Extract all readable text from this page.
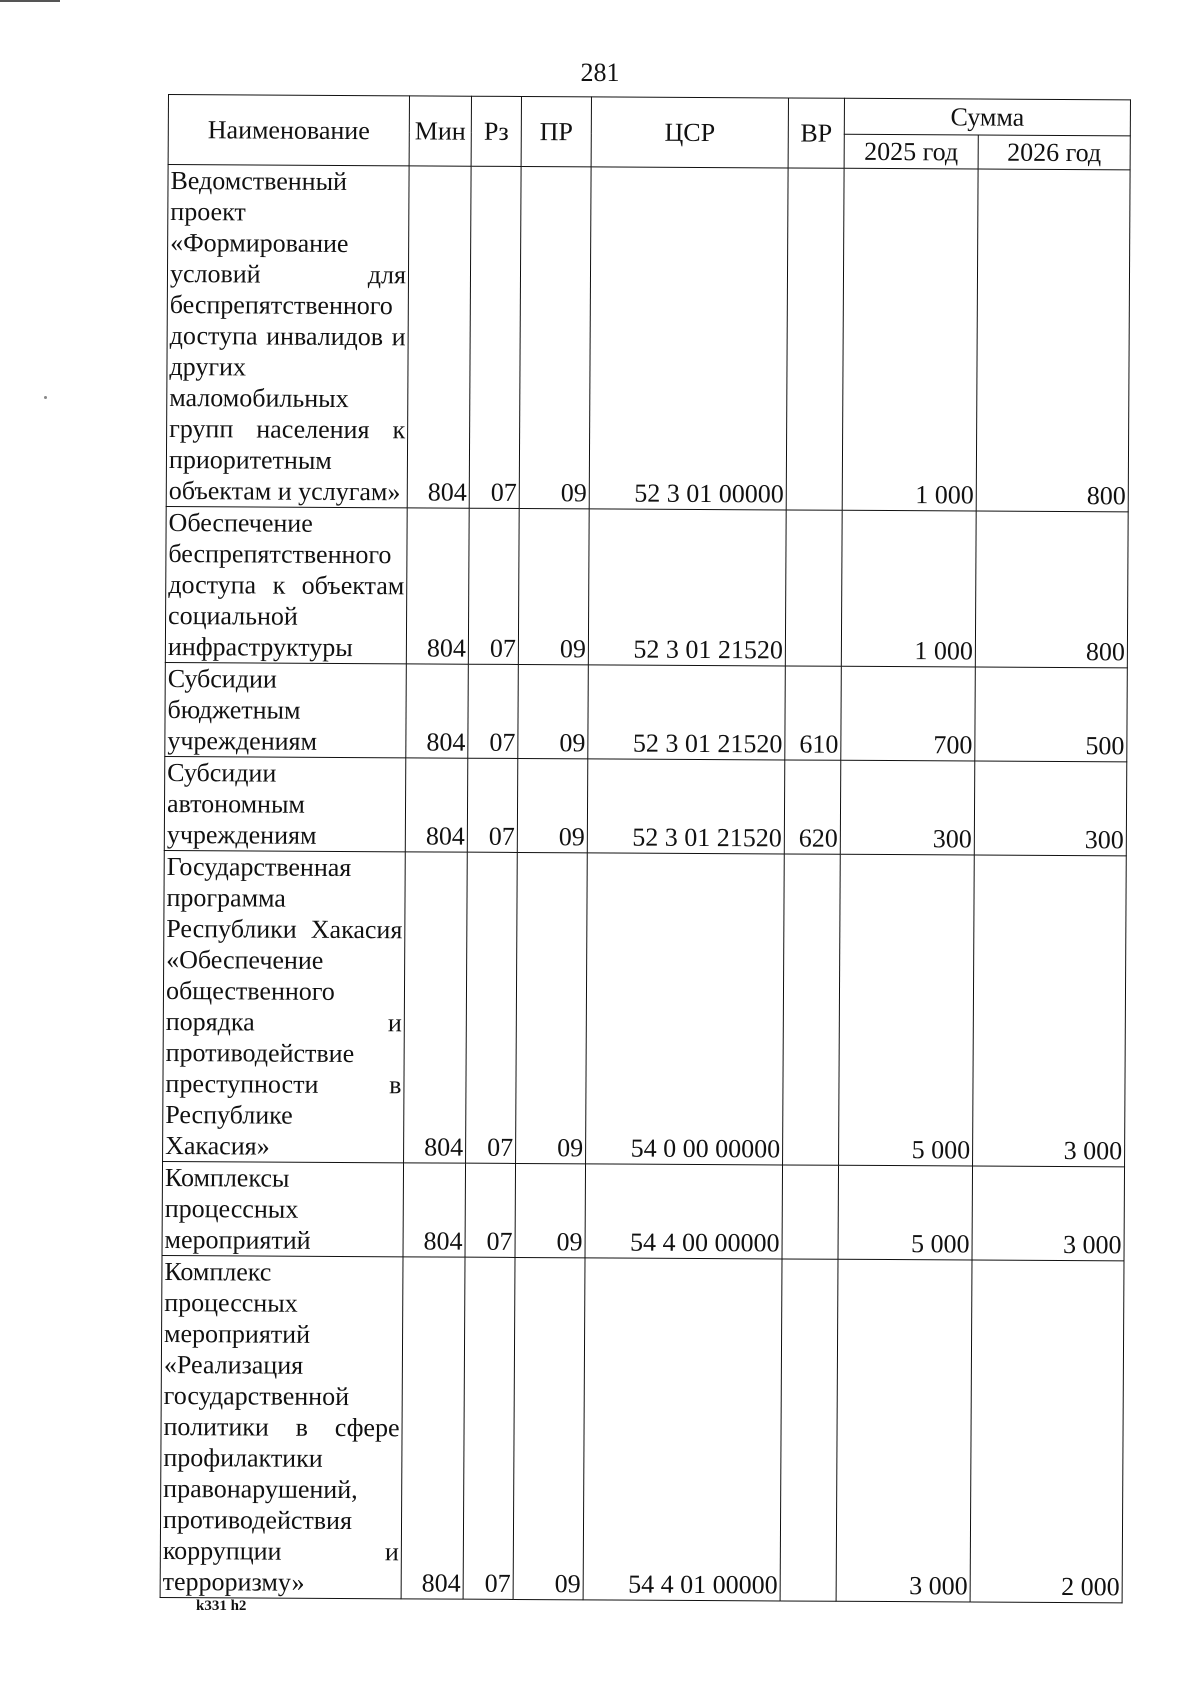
281
Наименование	Мин	Рз	ПР	ЦСР	ВР	Сумма	
						2025 год	2026 год
Ведомственный проект «Формирование условий для беспрепятственного доступа инвалидов и других маломобильных групп населения к приоритетным объектам и услугам»	804	07	09	52 3 01 00000		1 000	800
Обеспечение беспрепятственного доступа к объектам социальной инфраструктуры	804	07	09	52 3 01 21520		1 000	800
Субсидии бюджетным учреждениям	804	07	09	52 3 01 21520	610	700	500
Субсидии автономным учреждениям	804	07	09	52 3 01 21520	620	300	300
Государственная программа Республики Хакасия «Обеспечение общественного порядка и противодействие преступности в Республике Хакасия»	804	07	09	54 0 00 00000		5 000	3 000
Комплексы процессных мероприятий	804	07	09	54 4 00 00000		5 000	3 000
Комплекс процессных мероприятий «Реализация государственной политики в сфере профилактики правонарушений, противодействия коррупции и терроризму»	804	07	09	54 4 01 00000		3 000	2 000
k331 h2
